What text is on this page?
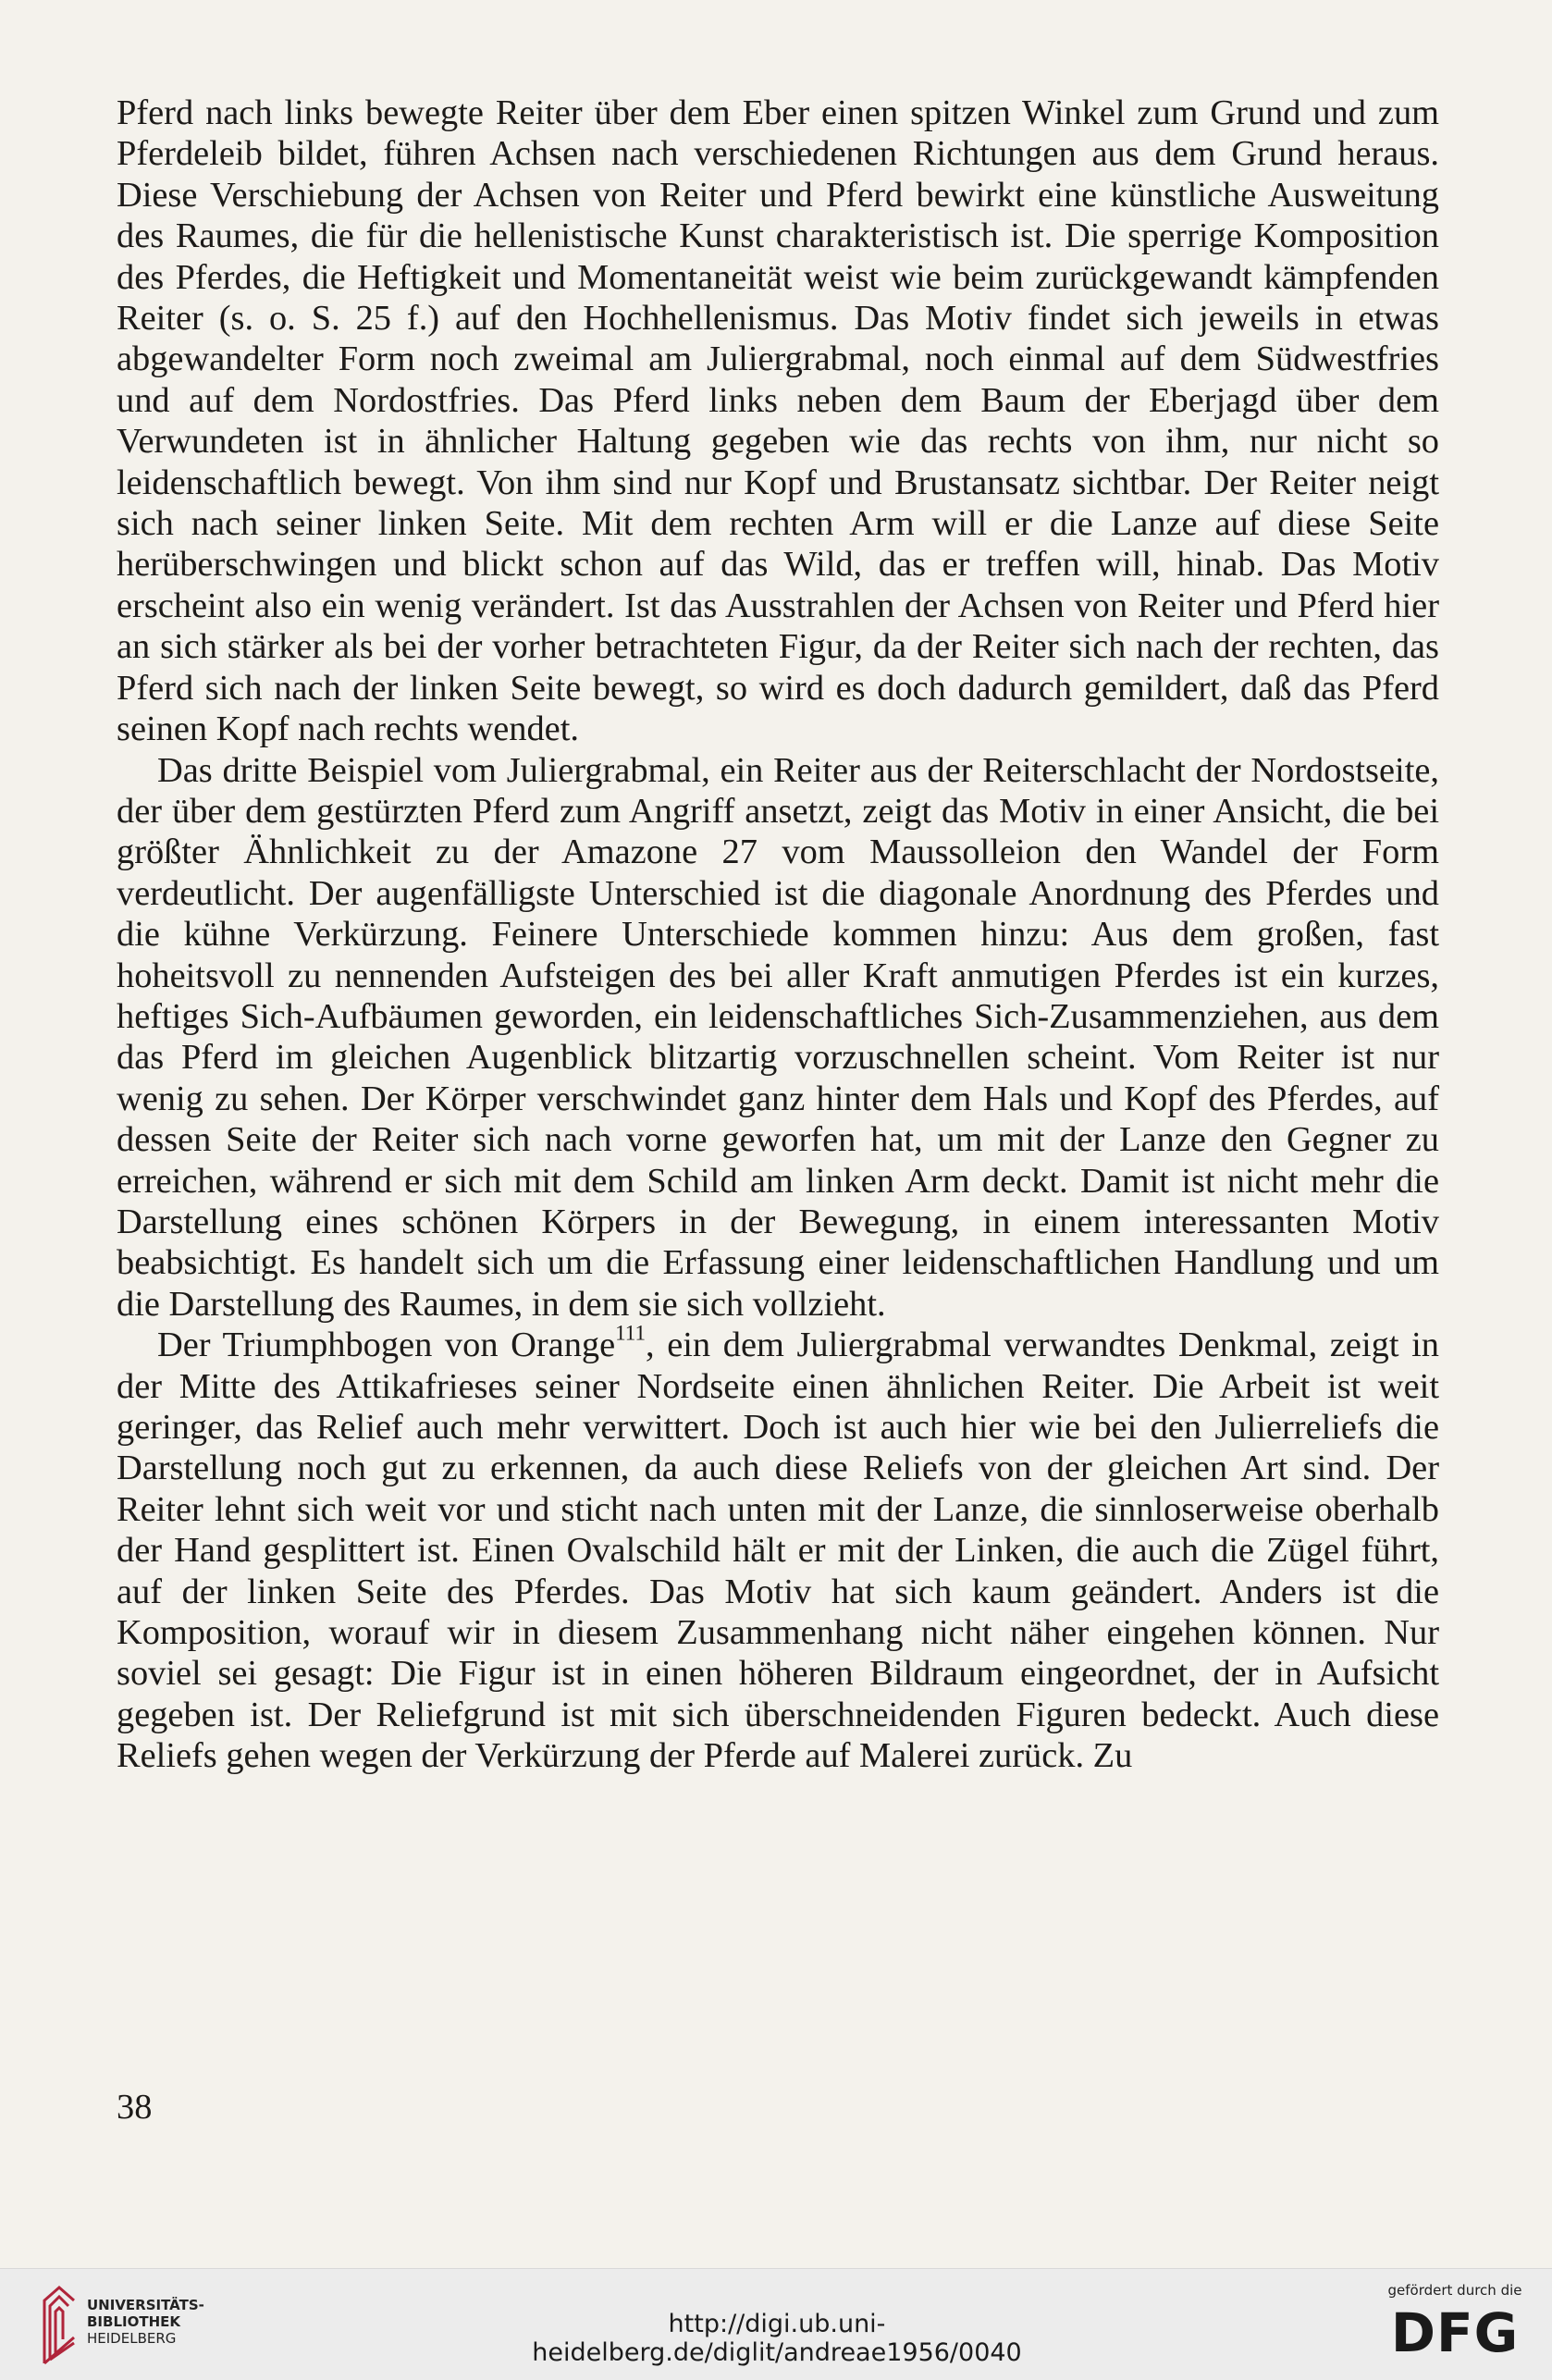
Pferd nach links bewegte Reiter über dem Eber einen spitzen Winkel zum Grund und zum Pferdeleib bildet, führen Achsen nach verschiedenen Richtungen aus dem Grund heraus. Diese Verschiebung der Achsen von Reiter und Pferd bewirkt eine künstliche Ausweitung des Raumes, die für die hellenistische Kunst charakteristisch ist. Die sperrige Komposition des Pferdes, die Heftigkeit und Momentaneität weist wie beim zurückgewandt kämpfenden Reiter (s. o. S. 25 f.) auf den Hochhellenismus. Das Motiv findet sich jeweils in etwas abgewandelter Form noch zweimal am Juliergrabmal, noch einmal auf dem Südwestfries und auf dem Nordostfries. Das Pferd links neben dem Baum der Eberjagd über dem Verwundeten ist in ähnlicher Haltung gegeben wie das rechts von ihm, nur nicht so leidenschaftlich bewegt. Von ihm sind nur Kopf und Brustansatz sichtbar. Der Reiter neigt sich nach seiner linken Seite. Mit dem rechten Arm will er die Lanze auf diese Seite herüberschwingen und blickt schon auf das Wild, das er treffen will, hinab. Das Motiv erscheint also ein wenig verändert. Ist das Ausstrahlen der Achsen von Reiter und Pferd hier an sich stärker als bei der vorher betrachteten Figur, da der Reiter sich nach der rechten, das Pferd sich nach der linken Seite bewegt, so wird es doch dadurch gemildert, daß das Pferd seinen Kopf nach rechts wendet.

Das dritte Beispiel vom Juliergrabmal, ein Reiter aus der Reiterschlacht der Nordostseite, der über dem gestürzten Pferd zum Angriff ansetzt, zeigt das Motiv in einer Ansicht, die bei größter Ähnlichkeit zu der Amazone 27 vom Maussolleion den Wandel der Form verdeutlicht. Der augenfälligste Unterschied ist die diagonale Anordnung des Pferdes und die kühne Verkürzung. Feinere Unterschiede kommen hinzu: Aus dem großen, fast hoheitsvoll zu nennenden Aufsteigen des bei aller Kraft anmutigen Pferdes ist ein kurzes, heftiges Sich-Aufbäumen geworden, ein leidenschaftliches Sich-Zusammenziehen, aus dem das Pferd im gleichen Augenblick blitzartig vorzuschnellen scheint. Vom Reiter ist nur wenig zu sehen. Der Körper verschwindet ganz hinter dem Hals und Kopf des Pferdes, auf dessen Seite der Reiter sich nach vorne geworfen hat, um mit der Lanze den Gegner zu erreichen, während er sich mit dem Schild am linken Arm deckt. Damit ist nicht mehr die Darstellung eines schönen Körpers in der Bewegung, in einem interessanten Motiv beabsichtigt. Es handelt sich um die Erfassung einer leidenschaftlichen Handlung und um die Darstellung des Raumes, in dem sie sich vollzieht.

Der Triumphbogen von Orange$^{111}$, ein dem Juliergrabmal verwandtes Denkmal, zeigt in der Mitte des Attikafrieses seiner Nordseite einen ähnlichen Reiter. Die Arbeit ist weit geringer, das Relief auch mehr verwittert. Doch ist auch hier wie bei den Julierreliefs die Darstellung noch gut zu erkennen, da auch diese Reliefs von der gleichen Art sind. Der Reiter lehnt sich weit vor und sticht nach unten mit der Lanze, die sinnloserweise oberhalb der Hand gesplittert ist. Einen Ovalschild hält er mit der Linken, die auch die Zügel führt, auf der linken Seite des Pferdes. Das Motiv hat sich kaum geändert. Anders ist die Komposition, worauf wir in diesem Zusammenhang nicht näher eingehen können. Nur soviel sei gesagt: Die Figur ist in einen höheren Bildraum eingeordnet, der in Aufsicht gegeben ist. Der Reliefgrund ist mit sich überschneidenden Figuren bedeckt. Auch diese Reliefs gehen wegen der Verkürzung der Pferde auf Malerei zurück. Zu

38
UNIVERSITÄTS-
BIBLIOTHEK
HEIDELBERG	http://digi.ub.uni-heidelberg.de/diglit/andreae1956/0040
gefördert durch die
DFG
